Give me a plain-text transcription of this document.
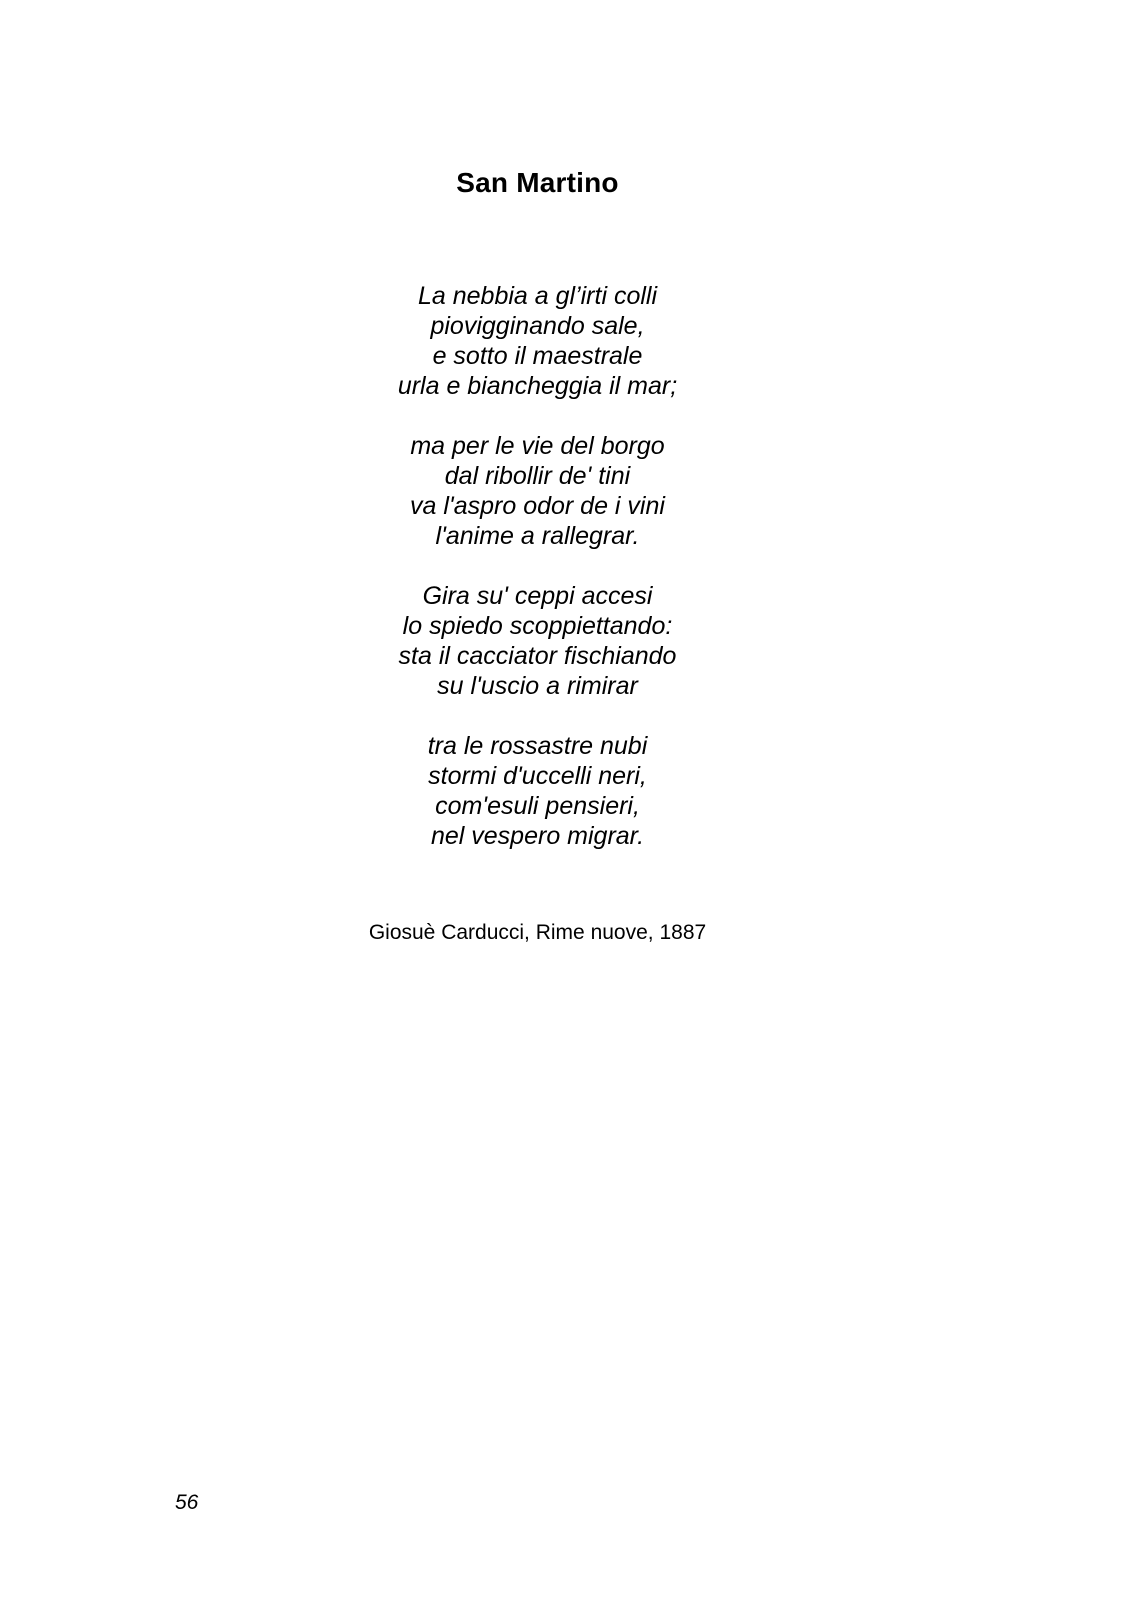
San Martino
La nebbia a gl’irti colli
piovigginando sale,
e sotto il maestrale
urla e biancheggia il mar;
ma per le vie del borgo
dal ribollir de' tini
va l'aspro odor de i vini
l'anime a rallegrar.
Gira su' ceppi accesi
lo spiedo scoppiettando:
sta il cacciator fischiando
su l'uscio a rimirar
tra le rossastre nubi
stormi d'uccelli neri,
com'esuli pensieri,
nel vespero migrar.
Giosuè Carducci, Rime nuove, 1887
56
